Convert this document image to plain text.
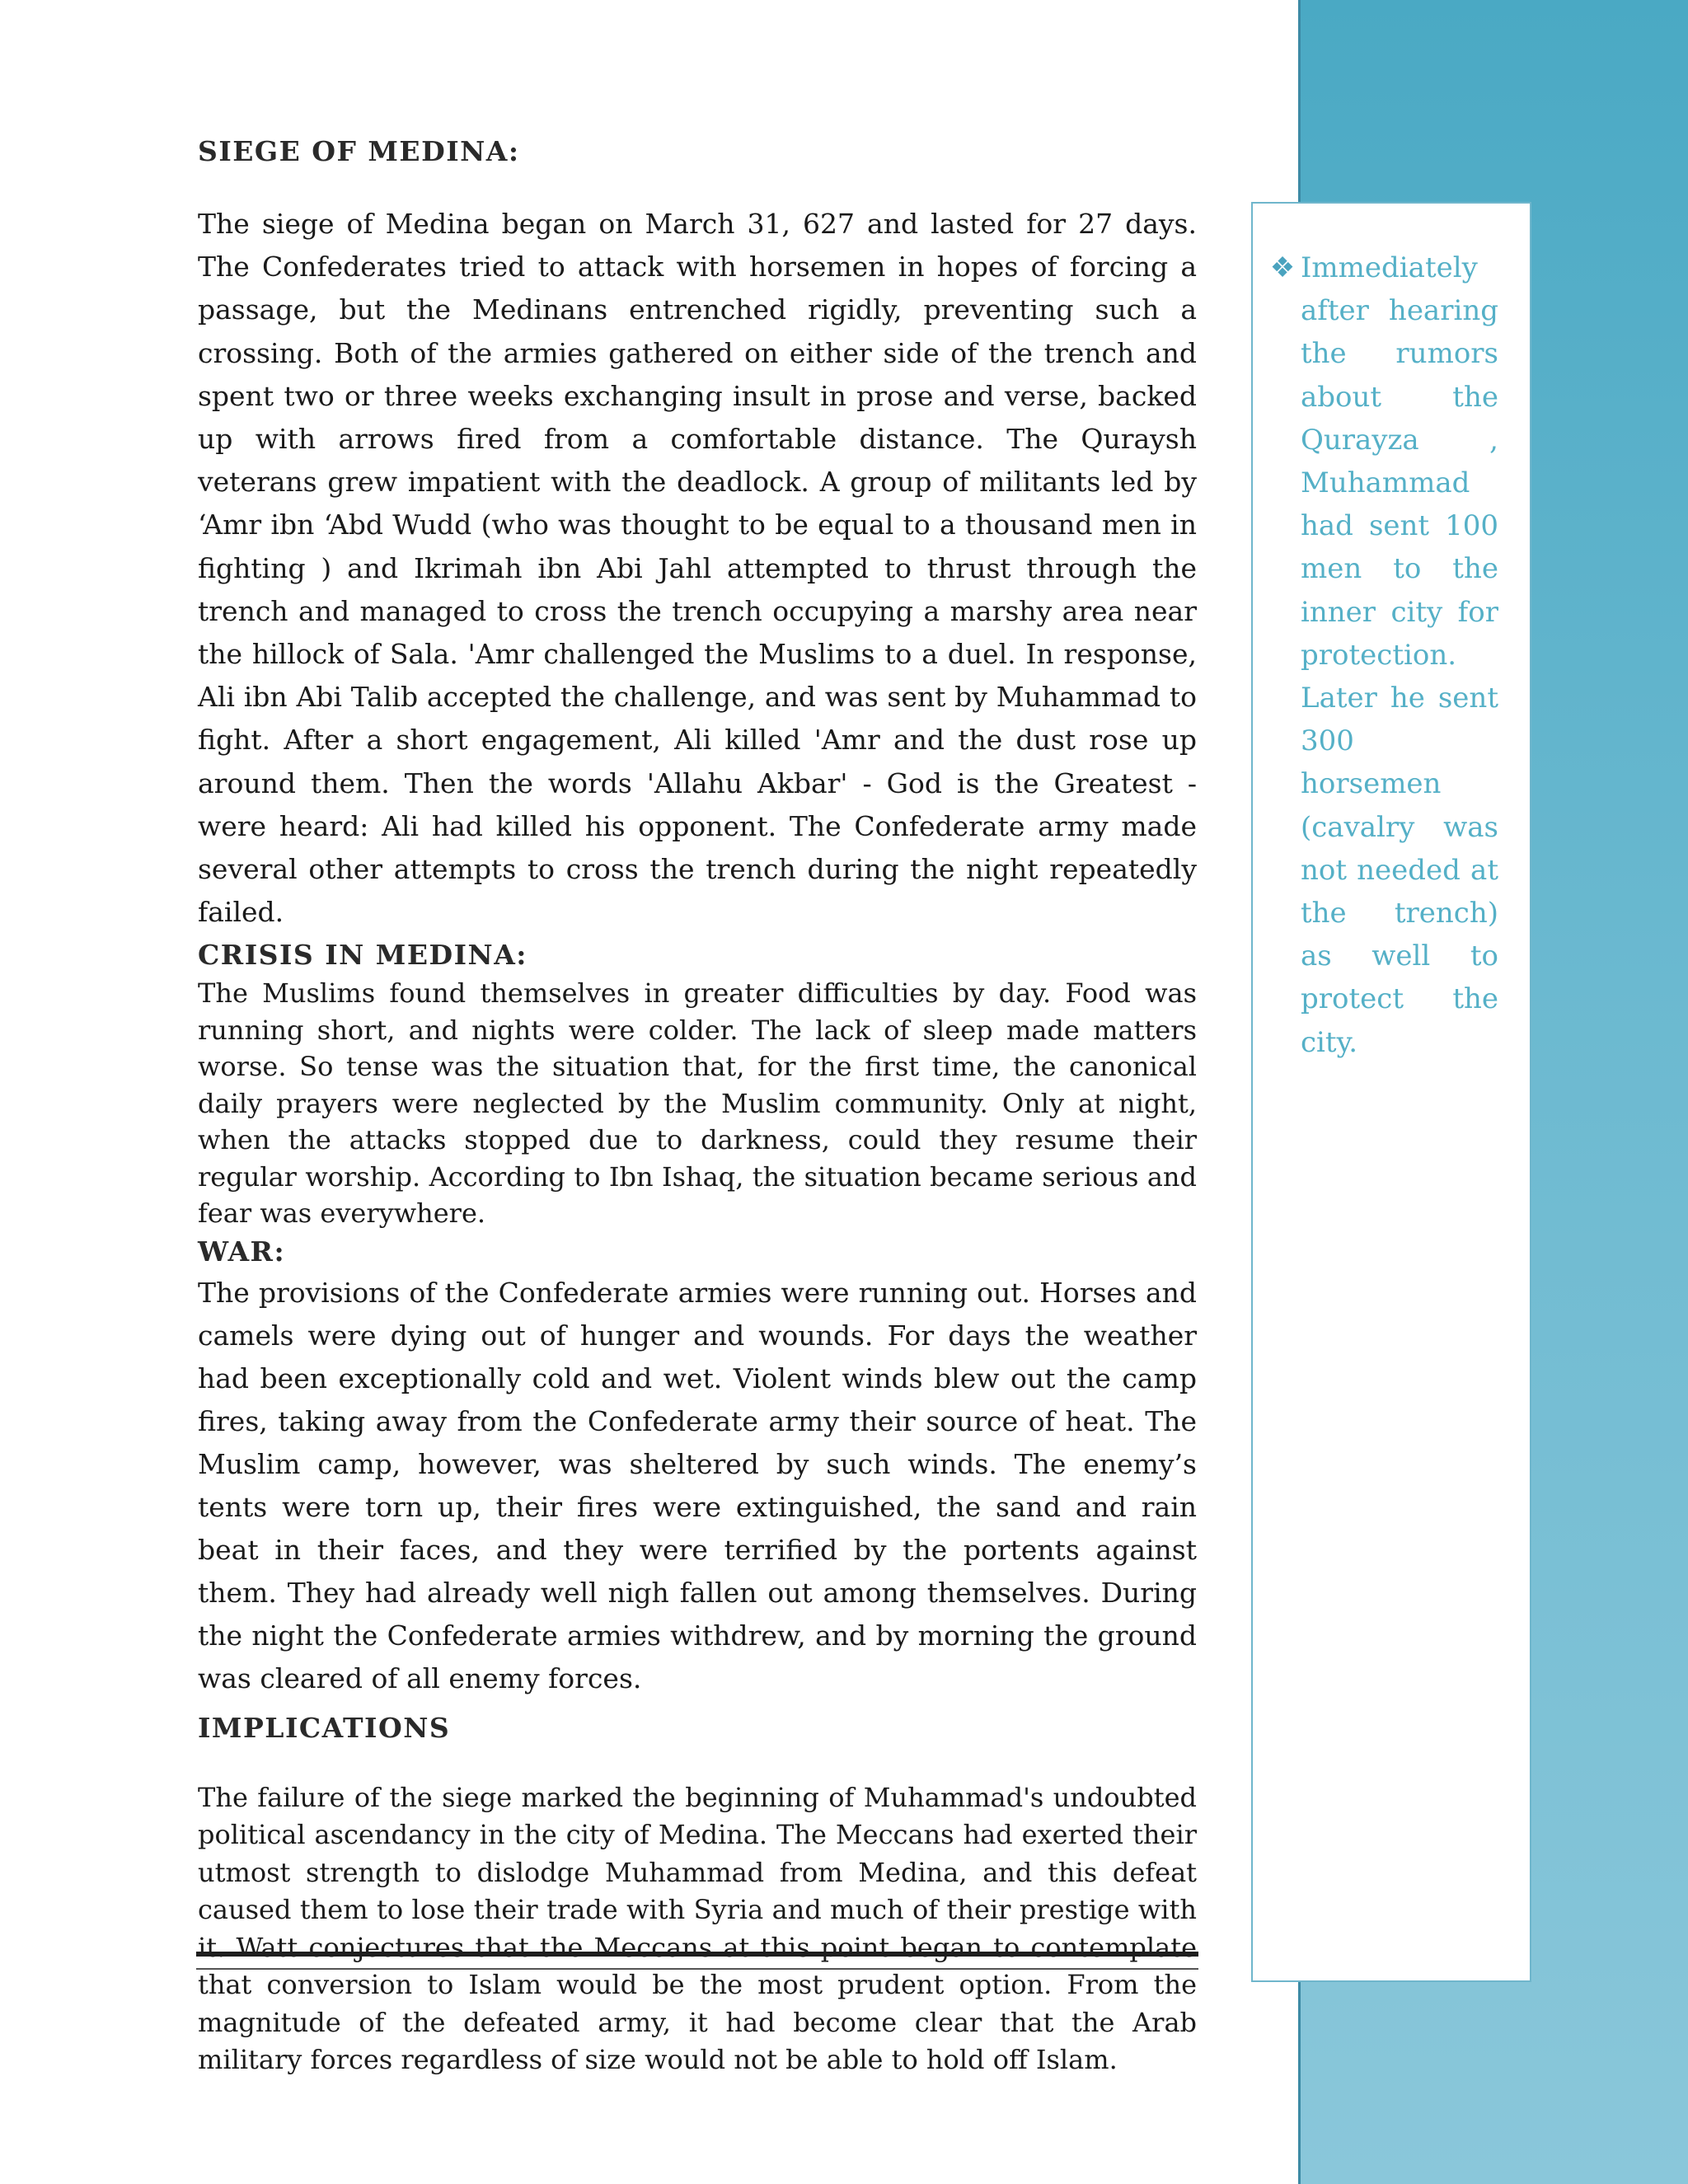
❖ Immediately after hearing the rumors about the Qurayza , Muhammad had sent 100 men to the inner city for protection. Later he sent 300 horsemen (cavalry was not needed at the trench) as well to protect the city.

SIEGE OF MEDINA:

The siege of Medina began on March 31, 627 and lasted for 27 days. The Confederates tried to attack with horsemen in hopes of forcing a passage, but the Medinans entrenched rigidly, preventing such a crossing. Both of the armies gathered on either side of the trench and spent two or three weeks exchanging insult in prose and verse, backed up with arrows fired from a comfortable distance. The Quraysh veterans grew impatient with the deadlock. A group of militants led by ‘Amr ibn ‘Abd Wudd (who was thought to be equal to a thousand men in fighting ) and Ikrimah ibn Abi Jahl attempted to thrust through the trench and managed to cross the trench occupying a marshy area near the hillock of Sala. 'Amr challenged the Muslims to a duel. In response, Ali ibn Abi Talib accepted the challenge, and was sent by Muhammad to fight. After a short engagement, Ali killed 'Amr and the dust rose up around them. Then the words 'Allahu Akbar' - God is the Greatest - were heard: Ali had killed his opponent. The Confederate army made several other attempts to cross the trench during the night repeatedly failed.

CRISIS IN MEDINA:

The Muslims found themselves in greater difficulties by day. Food was running short, and nights were colder. The lack of sleep made matters worse. So tense was the situation that, for the first time, the canonical daily prayers were neglected by the Muslim community. Only at night, when the attacks stopped due to darkness, could they resume their regular worship. According to Ibn Ishaq, the situation became serious and fear was everywhere.

WAR:

The provisions of the Confederate armies were running out. Horses and camels were dying out of hunger and wounds. For days the weather had been exceptionally cold and wet. Violent winds blew out the camp fires, taking away from the Confederate army their source of heat. The Muslim camp, however, was sheltered by such winds. The enemy’s tents were torn up, their fires were extinguished, the sand and rain beat in their faces, and they were terrified by the portents against them. They had already well nigh fallen out among themselves. During the night the Confederate armies withdrew, and by morning the ground was cleared of all enemy forces.

IMPLICATIONS

The failure of the siege marked the beginning of Muhammad's undoubted political ascendancy in the city of Medina. The Meccans had exerted their utmost strength to dislodge Muhammad from Medina, and this defeat caused them to lose their trade with Syria and much of their prestige with it. Watt conjectures that the Meccans at this point began to contemplate that conversion to Islam would be the most prudent option. From the magnitude of the defeated army, it had become clear that the Arab military forces regardless of size would not be able to hold off Islam.
